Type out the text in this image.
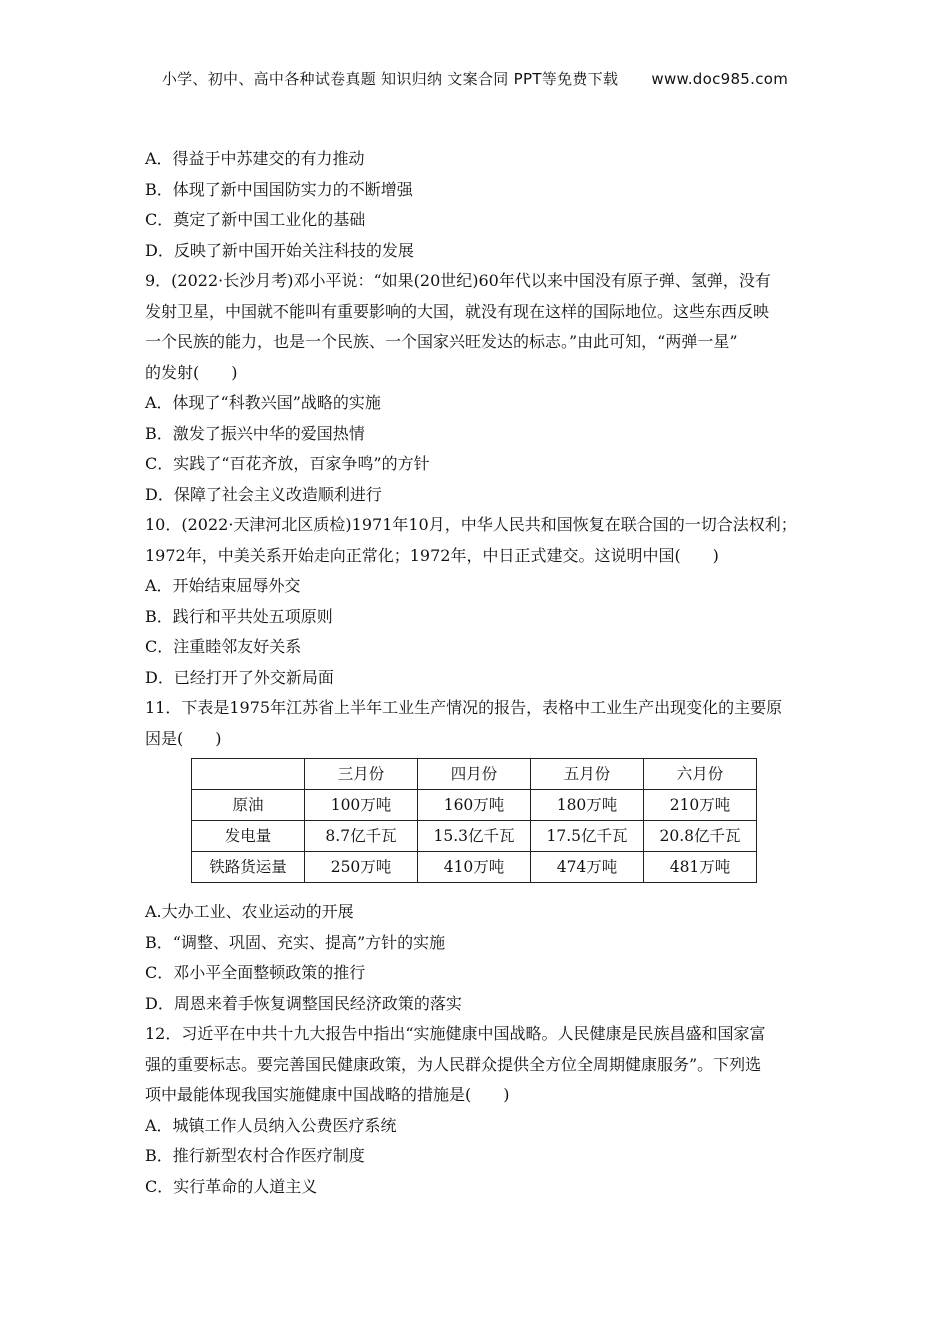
小学、初中、高中各种试卷真题 知识归纳 文案合同 PPT等免费下载 www.doc985.com
A．得益于中苏建交的有力推动
B．体现了新中国国防实力的不断增强
C．奠定了新中国工业化的基础
D．反映了新中国开始关注科技的发展
9．(2022·长沙月考)邓小平说：“如果(20世纪)60年代以来中国没有原子弹、氢弹，没有
发射卫星，中国就不能叫有重要影响的大国，就没有现在这样的国际地位。这些东西反映
一个民族的能力，也是一个民族、一个国家兴旺发达的标志。”由此可知，“两弹一星”
的发射(　　)
A．体现了“科教兴国”战略的实施
B．激发了振兴中华的爱国热情
C．实践了“百花齐放，百家争鸣”的方针
D．保障了社会主义改造顺利进行
10．(2022·天津河北区质检)1971年10月，中华人民共和国恢复在联合国的一切合法权利；
1972年，中美关系开始走向正常化；1972年，中日正式建交。这说明中国(　　)
A．开始结束屈辱外交
B．践行和平共处五项原则
C．注重睦邻友好关系
D．已经打开了外交新局面
11．下表是1975年江苏省上半年工业生产情况的报告，表格中工业生产出现变化的主要原
因是(　　)
	三月份	四月份	五月份	六月份
原油	100万吨	160万吨	180万吨	210万吨
发电量	8.7亿千瓦	15.3亿千瓦	17.5亿千瓦	20.8亿千瓦
铁路货运量	250万吨	410万吨	474万吨	481万吨
A.大办工业、农业运动的开展
B．“调整、巩固、充实、提高”方针的实施
C．邓小平全面整顿政策的推行
D．周恩来着手恢复调整国民经济政策的落实
12．习近平在中共十九大报告中指出“实施健康中国战略。人民健康是民族昌盛和国家富
强的重要标志。要完善国民健康政策，为人民群众提供全方位全周期健康服务”。下列选
项中最能体现我国实施健康中国战略的措施是(　　)
A．城镇工作人员纳入公费医疗系统
B．推行新型农村合作医疗制度
C．实行革命的人道主义
